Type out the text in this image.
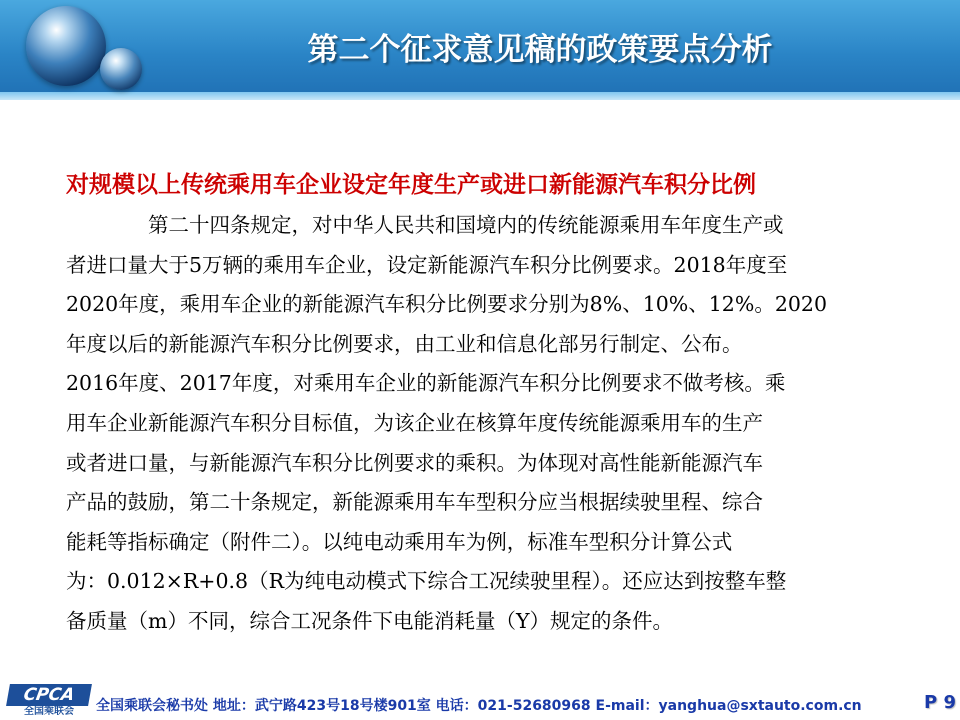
第二个征求意见稿的政策要点分析
对规模以上传统乘用车企业设定年度生产或进口新能源汽车积分比例
第二十四条规定，对中华人民共和国境内的传统能源乘用车年度生产或
者进口量大于5万辆的乘用车企业，设定新能源汽车积分比例要求。2018年度至
2020年度，乘用车企业的新能源汽车积分比例要求分别为8%、10%、12%。2020
年度以后的新能源汽车积分比例要求，由工业和信息化部另行制定、公布。
2016年度、2017年度，对乘用车企业的新能源汽车积分比例要求不做考核。乘
用车企业新能源汽车积分目标值，为该企业在核算年度传统能源乘用车的生产
或者进口量，与新能源汽车积分比例要求的乘积。为体现对高性能新能源汽车
产品的鼓励，第二十条规定，新能源乘用车车型积分应当根据续驶里程、综合
能耗等指标确定（附件二）。以纯电动乘用车为例，标准车型积分计算公式
为：0.012×R+0.8（R为纯电动模式下综合工况续驶里程）。还应达到按整车整
备质量（m）不同，综合工况条件下电能消耗量（Y）规定的条件。
CPCA
全国乘联会	全国乘联会秘书处 地址：武宁路423号18号楼901室 电话：021-52680968 E-mail：yanghua@sxtauto.com.cn	P 9
